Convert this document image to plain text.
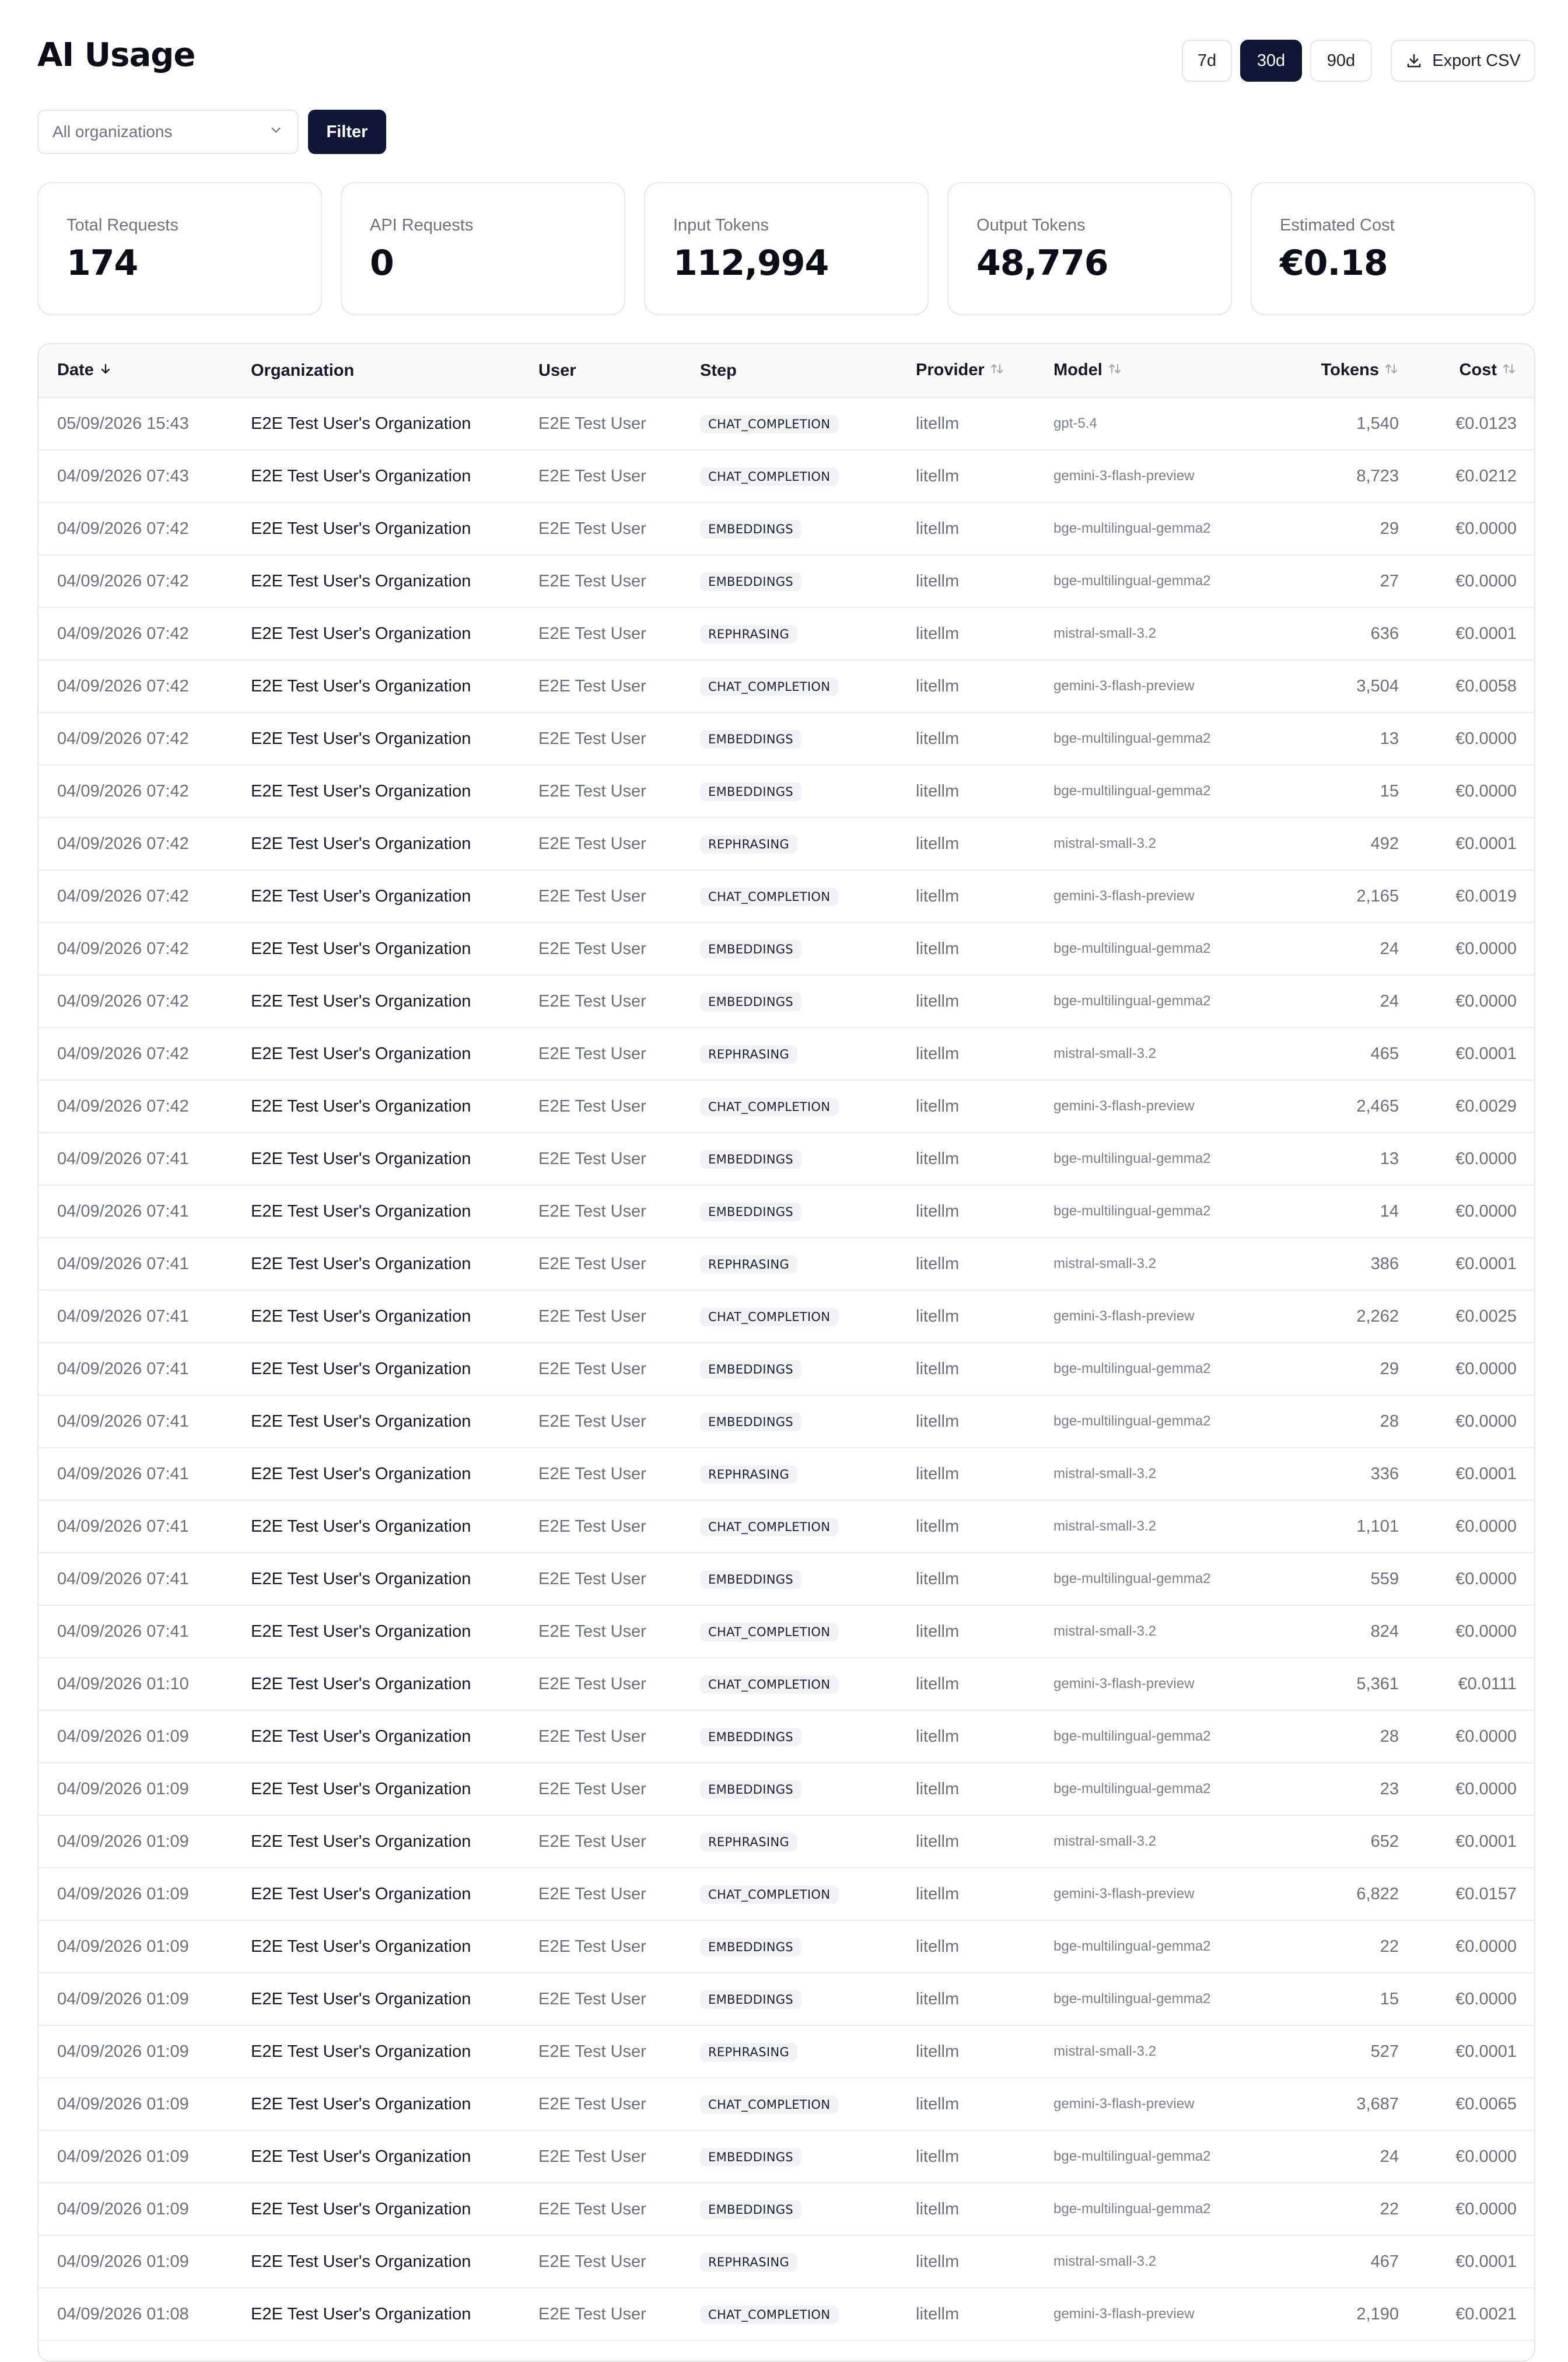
AI Usage	7d	30d	90d	Export CSV
All organizations	Filter
Total Requests
174
API Requests
0
Input Tokens
112,994
Output Tokens
48,776
Estimated Cost
€0.18
Date	Organization	User	Step	Provider	Model	Tokens	Cost
05/09/2026 15:43	E2E Test User's Organization	E2E Test User	CHAT_COMPLETION	litellm	gpt-5.4	1,540	€0.0123
04/09/2026 07:43	E2E Test User's Organization	E2E Test User	CHAT_COMPLETION	litellm	gemini-3-flash-preview	8,723	€0.0212
04/09/2026 07:42	E2E Test User's Organization	E2E Test User	EMBEDDINGS	litellm	bge-multilingual-gemma2	29	€0.0000
04/09/2026 07:42	E2E Test User's Organization	E2E Test User	EMBEDDINGS	litellm	bge-multilingual-gemma2	27	€0.0000
04/09/2026 07:42	E2E Test User's Organization	E2E Test User	REPHRASING	litellm	mistral-small-3.2	636	€0.0001
04/09/2026 07:42	E2E Test User's Organization	E2E Test User	CHAT_COMPLETION	litellm	gemini-3-flash-preview	3,504	€0.0058
04/09/2026 07:42	E2E Test User's Organization	E2E Test User	EMBEDDINGS	litellm	bge-multilingual-gemma2	13	€0.0000
04/09/2026 07:42	E2E Test User's Organization	E2E Test User	EMBEDDINGS	litellm	bge-multilingual-gemma2	15	€0.0000
04/09/2026 07:42	E2E Test User's Organization	E2E Test User	REPHRASING	litellm	mistral-small-3.2	492	€0.0001
04/09/2026 07:42	E2E Test User's Organization	E2E Test User	CHAT_COMPLETION	litellm	gemini-3-flash-preview	2,165	€0.0019
04/09/2026 07:42	E2E Test User's Organization	E2E Test User	EMBEDDINGS	litellm	bge-multilingual-gemma2	24	€0.0000
04/09/2026 07:42	E2E Test User's Organization	E2E Test User	EMBEDDINGS	litellm	bge-multilingual-gemma2	24	€0.0000
04/09/2026 07:42	E2E Test User's Organization	E2E Test User	REPHRASING	litellm	mistral-small-3.2	465	€0.0001
04/09/2026 07:42	E2E Test User's Organization	E2E Test User	CHAT_COMPLETION	litellm	gemini-3-flash-preview	2,465	€0.0029
04/09/2026 07:41	E2E Test User's Organization	E2E Test User	EMBEDDINGS	litellm	bge-multilingual-gemma2	13	€0.0000
04/09/2026 07:41	E2E Test User's Organization	E2E Test User	EMBEDDINGS	litellm	bge-multilingual-gemma2	14	€0.0000
04/09/2026 07:41	E2E Test User's Organization	E2E Test User	REPHRASING	litellm	mistral-small-3.2	386	€0.0001
04/09/2026 07:41	E2E Test User's Organization	E2E Test User	CHAT_COMPLETION	litellm	gemini-3-flash-preview	2,262	€0.0025
04/09/2026 07:41	E2E Test User's Organization	E2E Test User	EMBEDDINGS	litellm	bge-multilingual-gemma2	29	€0.0000
04/09/2026 07:41	E2E Test User's Organization	E2E Test User	EMBEDDINGS	litellm	bge-multilingual-gemma2	28	€0.0000
04/09/2026 07:41	E2E Test User's Organization	E2E Test User	REPHRASING	litellm	mistral-small-3.2	336	€0.0001
04/09/2026 07:41	E2E Test User's Organization	E2E Test User	CHAT_COMPLETION	litellm	mistral-small-3.2	1,101	€0.0000
04/09/2026 07:41	E2E Test User's Organization	E2E Test User	EMBEDDINGS	litellm	bge-multilingual-gemma2	559	€0.0000
04/09/2026 07:41	E2E Test User's Organization	E2E Test User	CHAT_COMPLETION	litellm	mistral-small-3.2	824	€0.0000
04/09/2026 01:10	E2E Test User's Organization	E2E Test User	CHAT_COMPLETION	litellm	gemini-3-flash-preview	5,361	€0.0111
04/09/2026 01:09	E2E Test User's Organization	E2E Test User	EMBEDDINGS	litellm	bge-multilingual-gemma2	28	€0.0000
04/09/2026 01:09	E2E Test User's Organization	E2E Test User	EMBEDDINGS	litellm	bge-multilingual-gemma2	23	€0.0000
04/09/2026 01:09	E2E Test User's Organization	E2E Test User	REPHRASING	litellm	mistral-small-3.2	652	€0.0001
04/09/2026 01:09	E2E Test User's Organization	E2E Test User	CHAT_COMPLETION	litellm	gemini-3-flash-preview	6,822	€0.0157
04/09/2026 01:09	E2E Test User's Organization	E2E Test User	EMBEDDINGS	litellm	bge-multilingual-gemma2	22	€0.0000
04/09/2026 01:09	E2E Test User's Organization	E2E Test User	EMBEDDINGS	litellm	bge-multilingual-gemma2	15	€0.0000
04/09/2026 01:09	E2E Test User's Organization	E2E Test User	REPHRASING	litellm	mistral-small-3.2	527	€0.0001
04/09/2026 01:09	E2E Test User's Organization	E2E Test User	CHAT_COMPLETION	litellm	gemini-3-flash-preview	3,687	€0.0065
04/09/2026 01:09	E2E Test User's Organization	E2E Test User	EMBEDDINGS	litellm	bge-multilingual-gemma2	24	€0.0000
04/09/2026 01:09	E2E Test User's Organization	E2E Test User	EMBEDDINGS	litellm	bge-multilingual-gemma2	22	€0.0000
04/09/2026 01:09	E2E Test User's Organization	E2E Test User	REPHRASING	litellm	mistral-small-3.2	467	€0.0001
04/09/2026 01:08	E2E Test User's Organization	E2E Test User	CHAT_COMPLETION	litellm	gemini-3-flash-preview	2,190	€0.0021
